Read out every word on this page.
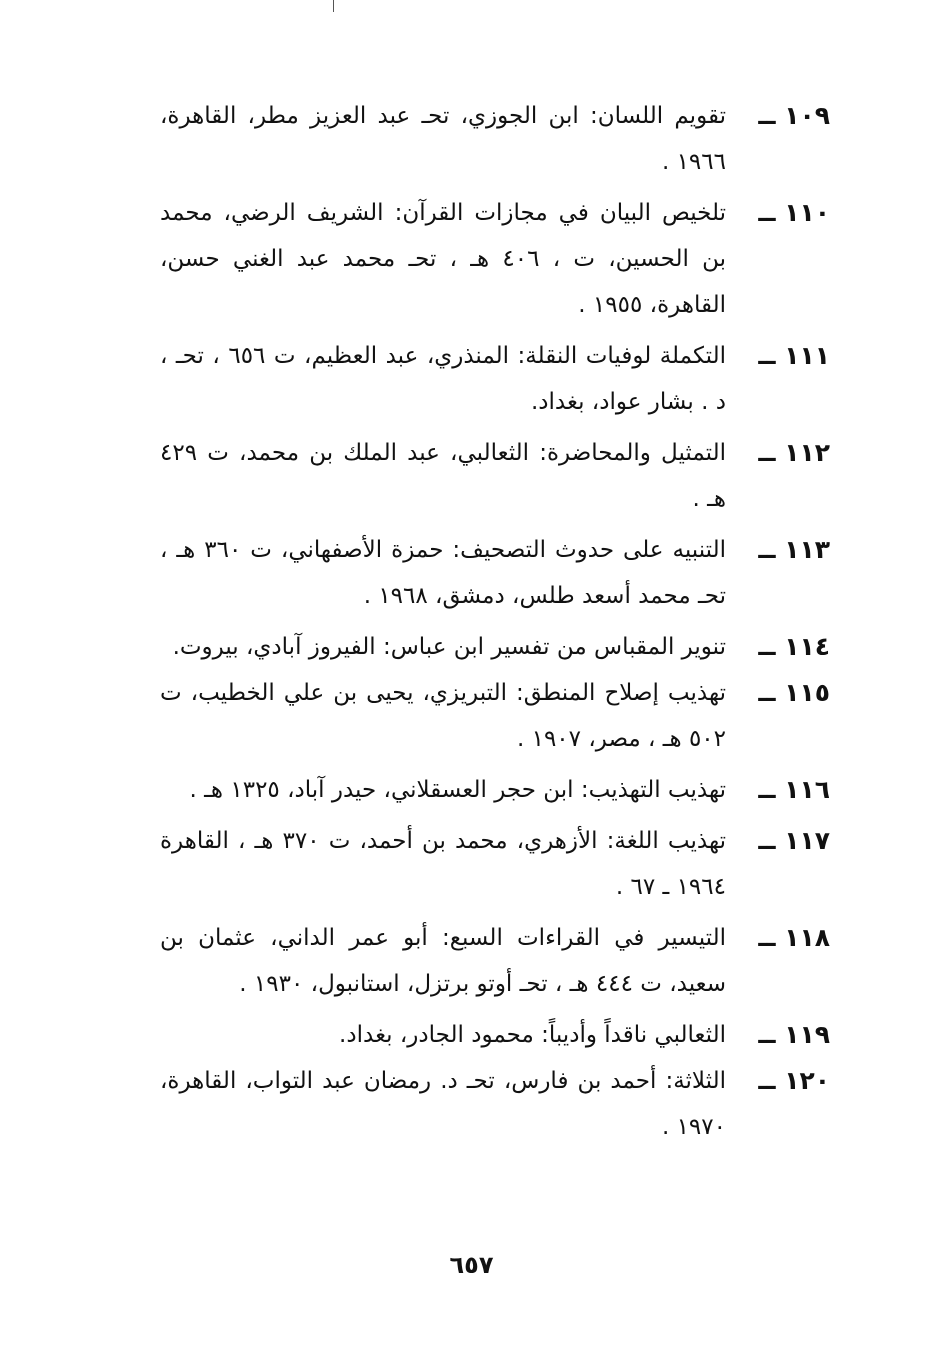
١٠٩ ــ
تقويم اللسان: ابن الجوزي، تحـ عبد العزيز مطر، القاهرة، ١٩٦٦ .
١١٠ ــ
تلخيص البيان في مجازات القرآن: الشريف الرضي، محمد بن الحسين، ت ، ٤٠٦ هـ ، تحـ محمد عبد الغني حسن، القاهرة، ١٩٥٥ .
١١١ ــ
التكملة لوفيات النقلة: المنذري، عبد العظيم، ت ٦٥٦ ، تحـ ، د . بشار عواد، بغداد.
١١٢ ــ
التمثيل والمحاضرة: الثعالبي، عبد الملك بن محمد، ت ٤٢٩ هـ .
١١٣ ــ
التنبيه على حدوث التصحيف: حمزة الأصفهاني، ت ٣٦٠ هـ ، تحـ محمد أسعد طلس، دمشق، ١٩٦٨ .
١١٤ ــ
تنوير المقباس من تفسير ابن عباس: الفيروز آبادي، بيروت.
١١٥ ــ
تهذيب إصلاح المنطق: التبريزي، يحيى بن علي الخطيب، ت ٥٠٢ هـ ، مصر، ١٩٠٧ .
١١٦ ــ
تهذيب التهذيب: ابن حجر العسقلاني، حيدر آباد، ١٣٢٥ هـ .
١١٧ ــ
تهذيب اللغة: الأزهري، محمد بن أحمد، ت ٣٧٠ هـ ، القاهرة ١٩٦٤ ـ ٦٧ .
١١٨ ــ
التيسير في القراءات السبع: أبو عمر الداني، عثمان بن سعيد، ت ٤٤٤ هـ ، تحـ أوتو برتزل، استانبول، ١٩٣٠ .
١١٩ ــ
الثعالبي ناقداً وأديباً: محمود الجادر، بغداد.
١٢٠ ــ
الثلاثة: أحمد بن فارس، تحـ د. رمضان عبد التواب، القاهرة، ١٩٧٠ .
٦٥٧
